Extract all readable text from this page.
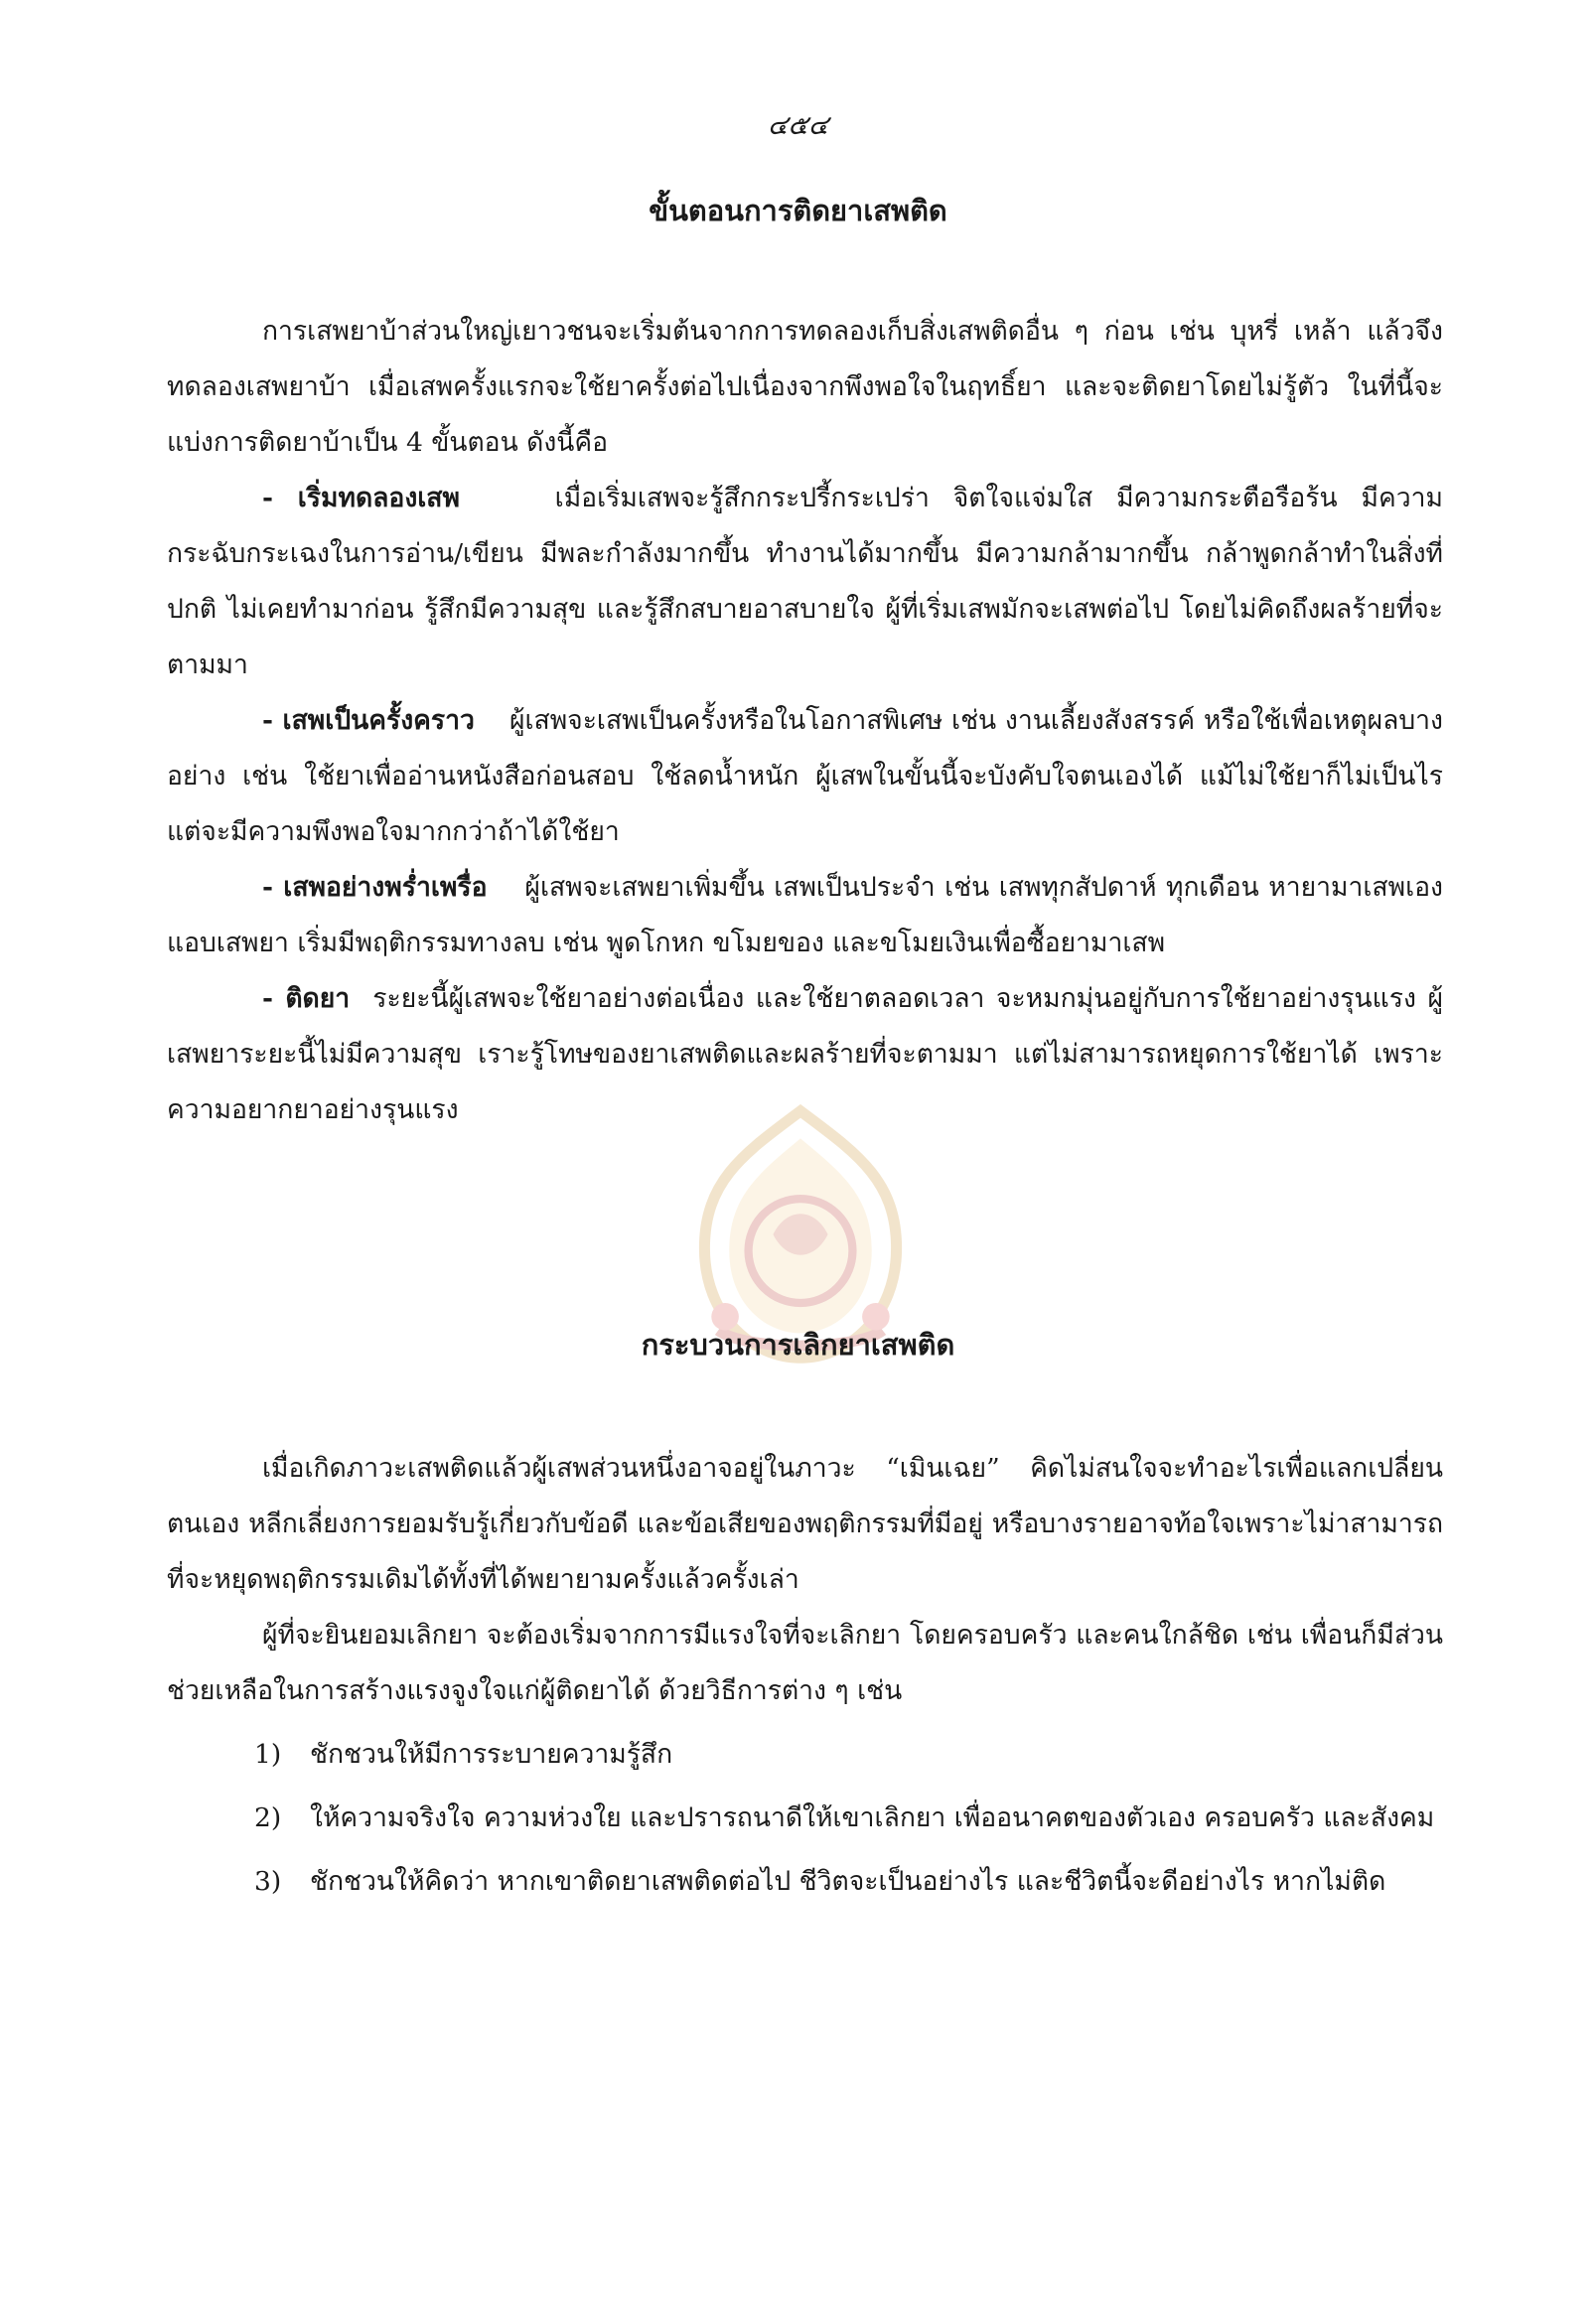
๔๕๔
ขั้นตอนการติดยาเสพติด

การเสพยาบ้าส่วนใหญ่เยาวชนจะเริ่มต้นจากการทดลองเก็บสิ่งเสพติดอื่น ๆ ก่อน เช่น บุหรี่ เหล้า แล้วจึงทดลองเสพยาบ้า เมื่อเสพครั้งแรกจะใช้ยาครั้งต่อไปเนื่องจากพึงพอใจในฤทธิ์ยา และจะติดยาโดยไม่รู้ตัว ในที่นี้จะแบ่งการติดยาบ้าเป็น 4 ขั้นตอน ดังนี้คือ

- เริ่มทดลองเสพ	เมื่อเริ่มเสพจะรู้สึกกระปรี้กระเปร่า จิตใจแจ่มใส มีความกระตือรือร้น มีความกระฉับกระเฉงในการอ่าน/เขียน มีพละกำลังมากขึ้น ทำงานได้มากขึ้น มีความกล้ามากขึ้น กล้าพูดกล้าทำในสิ่งที่ปกติ ไม่เคยทำมาก่อน รู้สึกมีความสุข และรู้สึกสบายอาสบายใจ ผู้ที่เริ่มเสพมักจะเสพต่อไป โดยไม่คิดถึงผลร้ายที่จะตามมา

- เสพเป็นครั้งคราว ผู้เสพจะเสพเป็นครั้งหรือในโอกาสพิเศษ เช่น งานเลี้ยงสังสรรค์ หรือใช้เพื่อเหตุผลบางอย่าง เช่น ใช้ยาเพื่ออ่านหนังสือก่อนสอบ ใช้ลดน้ำหนัก ผู้เสพในขั้นนี้จะบังคับใจตนเองได้ แม้ไม่ใช้ยาก็ไม่เป็นไร แต่จะมีความพึงพอใจมากกว่าถ้าได้ใช้ยา

- เสพอย่างพร่ำเพรื่อ ผู้เสพจะเสพยาเพิ่มขึ้น เสพเป็นประจำ เช่น เสพทุกสัปดาห์ ทุกเดือน หายามาเสพเอง แอบเสพยา เริ่มมีพฤติกรรมทางลบ เช่น พูดโกหก ขโมยของ และขโมยเงินเพื่อซื้อยามาเสพ

- ติดยา ระยะนี้ผู้เสพจะใช้ยาอย่างต่อเนื่อง และใช้ยาตลอดเวลา จะหมกมุ่นอยู่กับการใช้ยาอย่างรุนแรง ผู้เสพยาระยะนี้ไม่มีความสุข เราะรู้โทษของยาเสพติดและผลร้ายที่จะตามมา แต่ไม่สามารถหยุดการใช้ยาได้ เพราะความอยากยาอย่างรุนแรง

กระบวนการเลิกยาเสพติด

เมื่อเกิดภาวะเสพติดแล้วผู้เสพส่วนหนึ่งอาจอยู่ในภาวะ “เมินเฉย” คิดไม่สนใจจะทำอะไรเพื่อแลกเปลี่ยนตนเอง หลีกเลี่ยงการยอมรับรู้เกี่ยวกับข้อดี และข้อเสียของพฤติกรรมที่มีอยู่ หรือบางรายอาจท้อใจเพราะไม่าสามารถที่จะหยุดพฤติกรรมเดิมได้ทั้งที่ได้พยายามครั้งแล้วครั้งเล่า

ผู้ที่จะยินยอมเลิกยา จะต้องเริ่มจากการมีแรงใจที่จะเลิกยา โดยครอบครัว และคนใกล้ชิด เช่น เพื่อนก็มีส่วนช่วยเหลือในการสร้างแรงจูงใจแก่ผู้ติดยาได้ ด้วยวิธีการต่าง ๆ เช่น

1)	ชักชวนให้มีการระบายความรู้สึก
2)	ให้ความจริงใจ ความห่วงใย และปรารถนาดีให้เขาเลิกยา เพื่ออนาคตของตัวเอง ครอบครัว และสังคม
3)	ชักชวนให้คิดว่า หากเขาติดยาเสพติดต่อไป ชีวิตจะเป็นอย่างไร และชีวิตนี้จะดีอย่างไร หากไม่ติด
